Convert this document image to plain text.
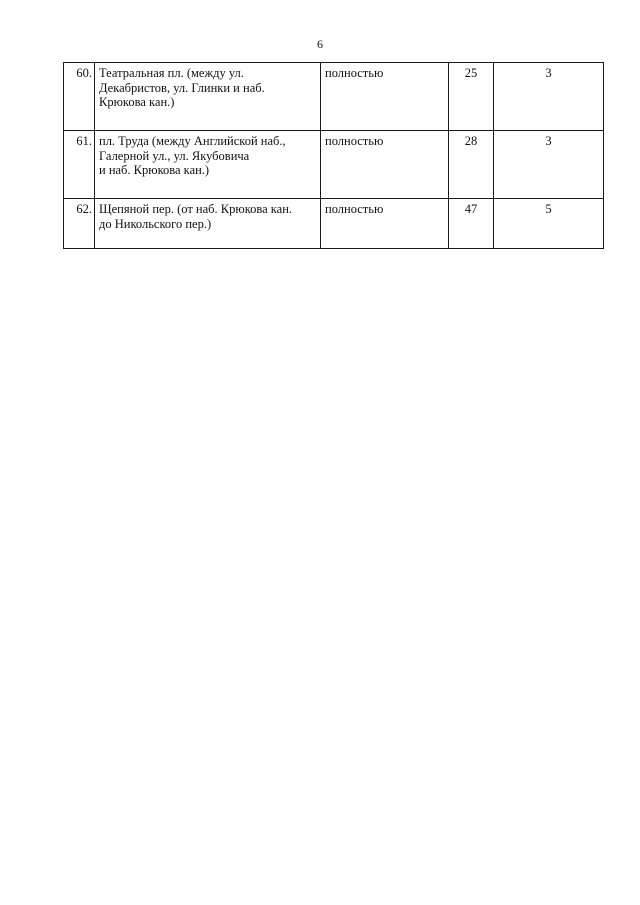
6
60.	Театральная пл. (между ул.
Декабристов, ул. Глинки и наб.
Крюкова кан.)	полностью	25	3
61.	пл. Труда (между Английской наб.,
Галерной ул., ул. Якубовича
и наб. Крюкова кан.)	полностью	28	3
62.	Щепяной пер. (от наб. Крюкова кан.
до Никольского пер.)	полностью	47	5
